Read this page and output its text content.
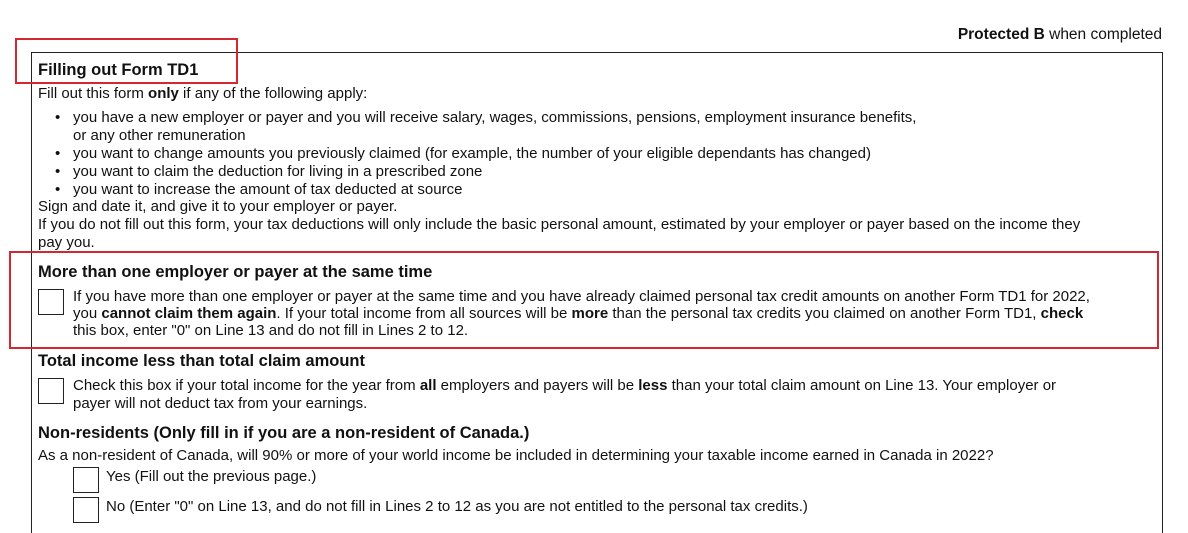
Protected B when completed
Filling out Form TD1
Fill out this form only if any of the following apply:
• you have a new employer or payer and you will receive salary, wages, commissions, pensions, employment insurance benefits,
or any other remuneration
• you want to change amounts you previously claimed (for example, the number of your eligible dependants has changed)
• you want to claim the deduction for living in a prescribed zone
• you want to increase the amount of tax deducted at source
Sign and date it, and give it to your employer or payer.
If you do not fill out this form, your tax deductions will only include the basic personal amount, estimated by your employer or payer based on the income they
pay you.
More than one employer or payer at the same time
If you have more than one employer or payer at the same time and you have already claimed personal tax credit amounts on another Form TD1 for 2022,
you cannot claim them again. If your total income from all sources will be more than the personal tax credits you claimed on another Form TD1, check
this box, enter "0" on Line 13 and do not fill in Lines 2 to 12.
Total income less than total claim amount
Check this box if your total income for the year from all employers and payers will be less than your total claim amount on Line 13. Your employer or
payer will not deduct tax from your earnings.
Non-residents (Only fill in if you are a non-resident of Canada.)
As a non-resident of Canada, will 90% or more of your world income be included in determining your taxable income earned in Canada in 2022?
Yes (Fill out the previous page.)
No (Enter "0" on Line 13, and do not fill in Lines 2 to 12 as you are not entitled to the personal tax credits.)
